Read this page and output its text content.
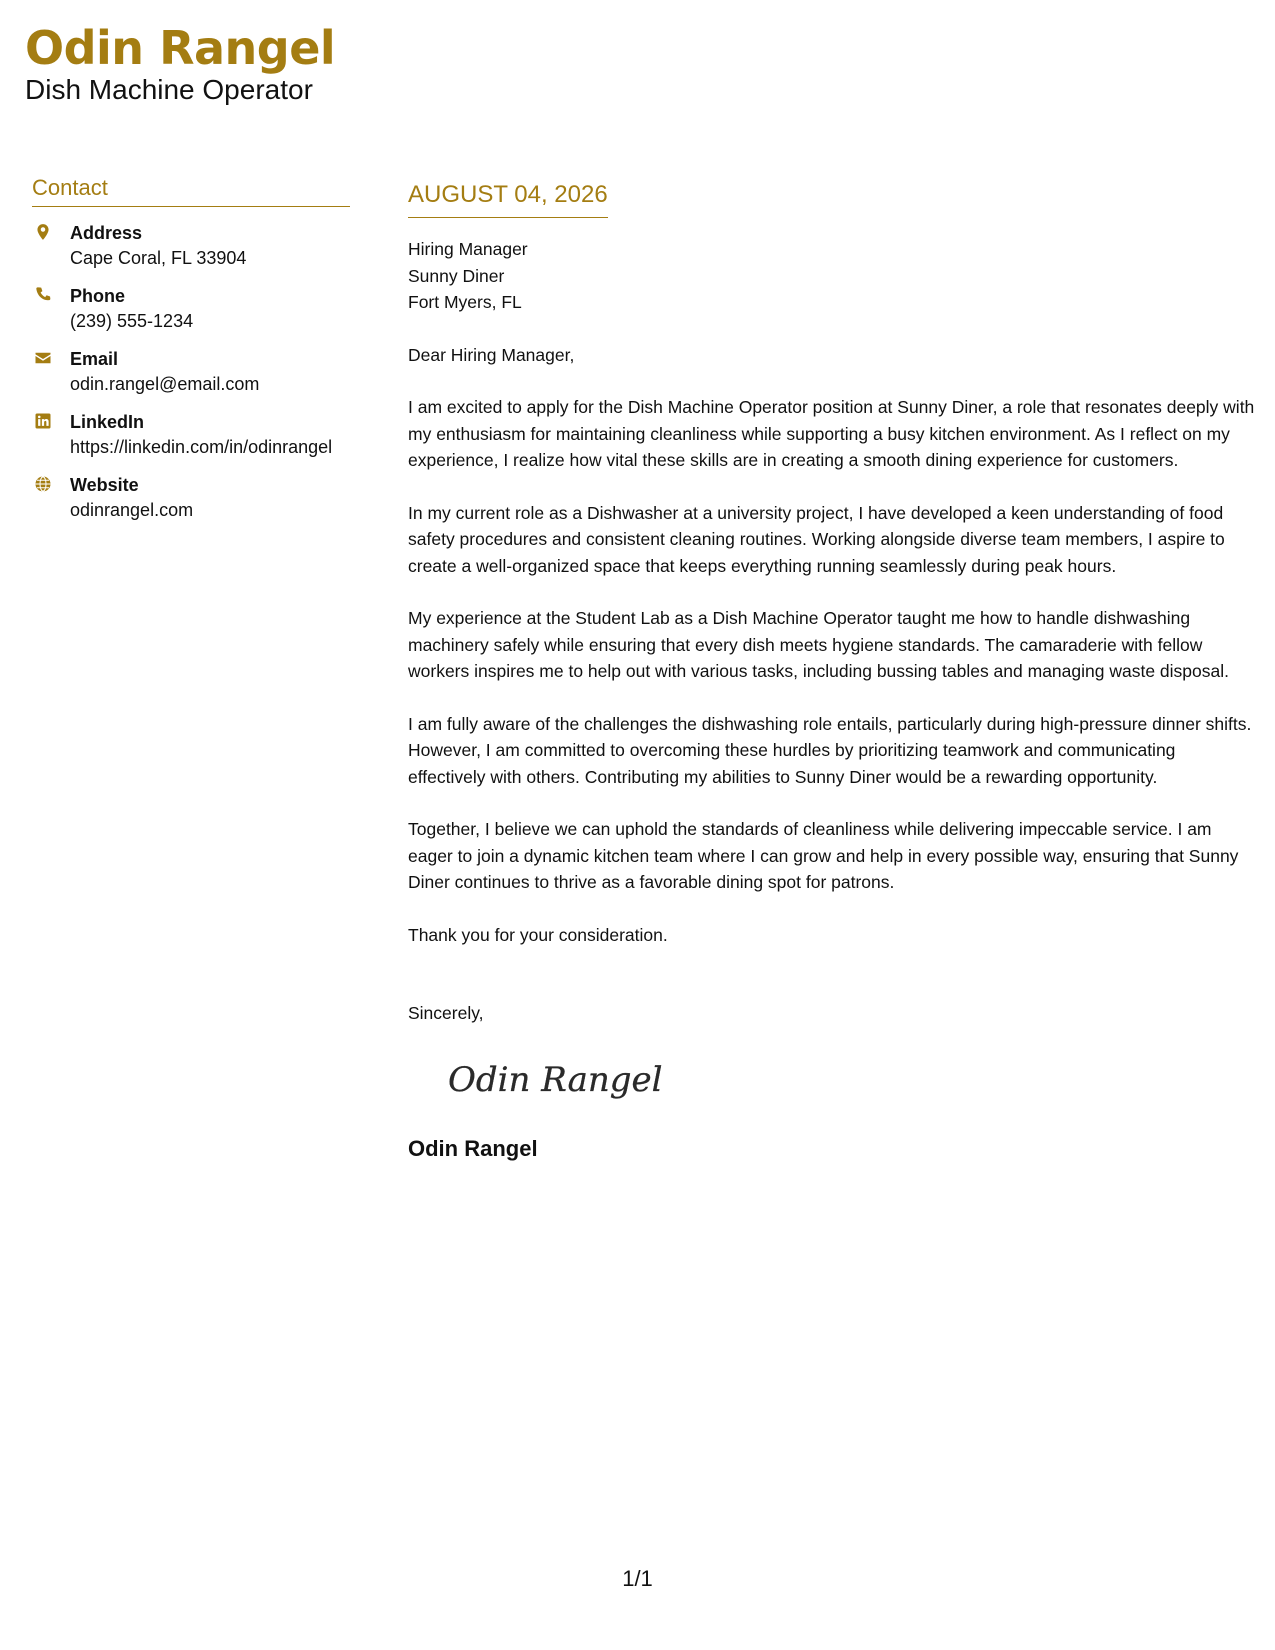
Odin Rangel
Dish Machine Operator
Contact
Address
Cape Coral, FL 33904
Phone
(239) 555-1234
Email
odin.rangel@email.com
LinkedIn
https://linkedin.com/in/odinrangel
Website
odinrangel.com
AUGUST 04, 2026
Hiring Manager
Sunny Diner
Fort Myers, FL
Dear Hiring Manager,
I am excited to apply for the Dish Machine Operator position at Sunny Diner, a role that resonates deeply with my enthusiasm for maintaining cleanliness while supporting a busy kitchen environment. As I reflect on my experience, I realize how vital these skills are in creating a smooth dining experience for customers.
In my current role as a Dishwasher at a university project, I have developed a keen understanding of food safety procedures and consistent cleaning routines. Working alongside diverse team members, I aspire to create a well-organized space that keeps everything running seamlessly during peak hours.
My experience at the Student Lab as a Dish Machine Operator taught me how to handle dishwashing machinery safely while ensuring that every dish meets hygiene standards. The camaraderie with fellow workers inspires me to help out with various tasks, including bussing tables and managing waste disposal.
I am fully aware of the challenges the dishwashing role entails, particularly during high-pressure dinner shifts. However, I am committed to overcoming these hurdles by prioritizing teamwork and communicating effectively with others. Contributing my abilities to Sunny Diner would be a rewarding opportunity.
Together, I believe we can uphold the standards of cleanliness while delivering impeccable service. I am eager to join a dynamic kitchen team where I can grow and help in every possible way, ensuring that Sunny Diner continues to thrive as a favorable dining spot for patrons.
Thank you for your consideration.
Sincerely,
Odin Rangel
Odin Rangel
1/1
